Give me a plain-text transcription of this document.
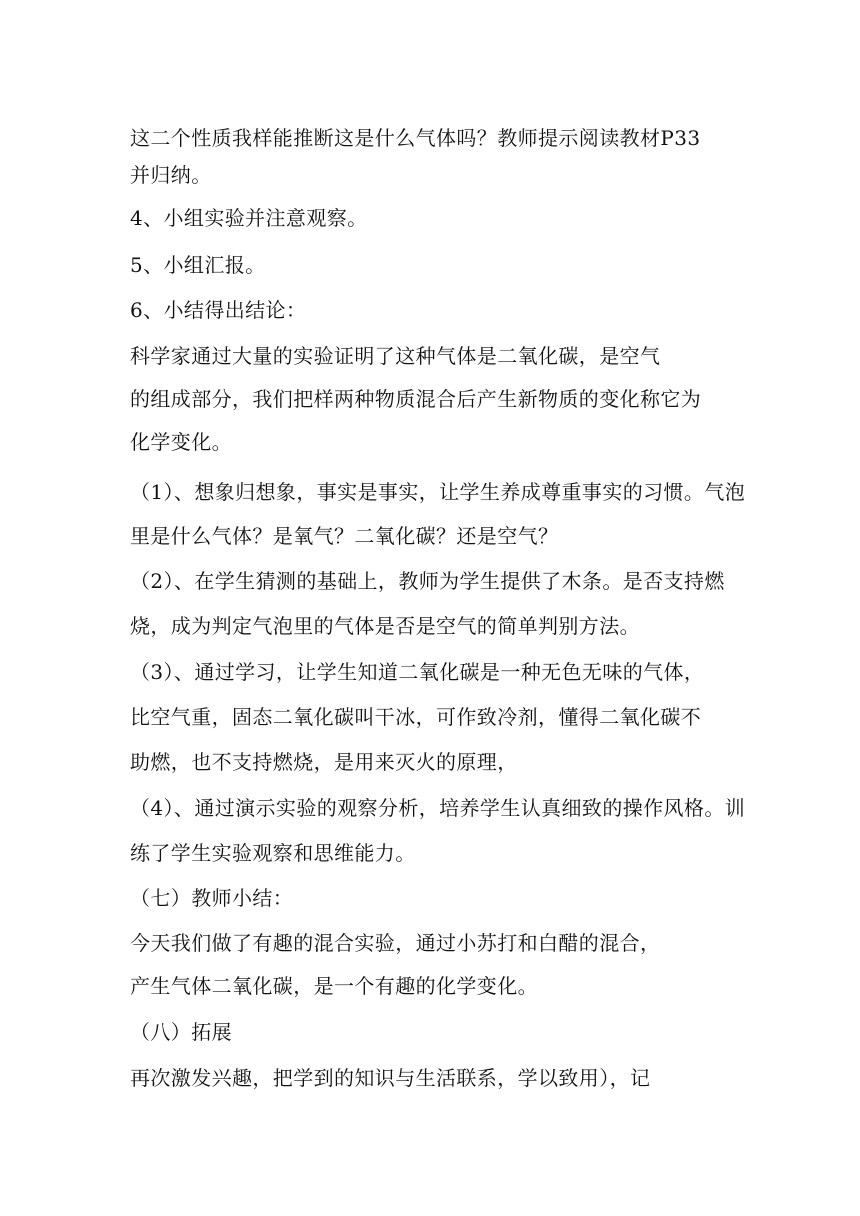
这二个性质我样能推断这是什么气体吗？教师提示阅读教材P33
并归纳。
4、小组实验并注意观察。
5、小组汇报。
6、小结得出结论：
科学家通过大量的实验证明了这种气体是二氧化碳，是空气
的组成部分，我们把样两种物质混合后产生新物质的变化称它为
化学变化。
（1）、想象归想象，事实是事实，让学生养成尊重事实的习惯。气泡
里是什么气体？是氧气？二氧化碳？还是空气？
（2）、在学生猜测的基础上，教师为学生提供了木条。是否支持燃
烧，成为判定气泡里的气体是否是空气的简单判别方法。
（3）、通过学习，让学生知道二氧化碳是一种无色无味的气体，
比空气重，固态二氧化碳叫干冰，可作致冷剂，懂得二氧化碳不
助燃，也不支持燃烧，是用来灭火的原理，
（4）、通过演示实验的观察分析，培养学生认真细致的操作风格。训
练了学生实验观察和思维能力。
（七）教师小结：
今天我们做了有趣的混合实验，通过小苏打和白醋的混合，
产生气体二氧化碳，是一个有趣的化学变化。
（八）拓展
再次激发兴趣，把学到的知识与生活联系，学以致用），记
